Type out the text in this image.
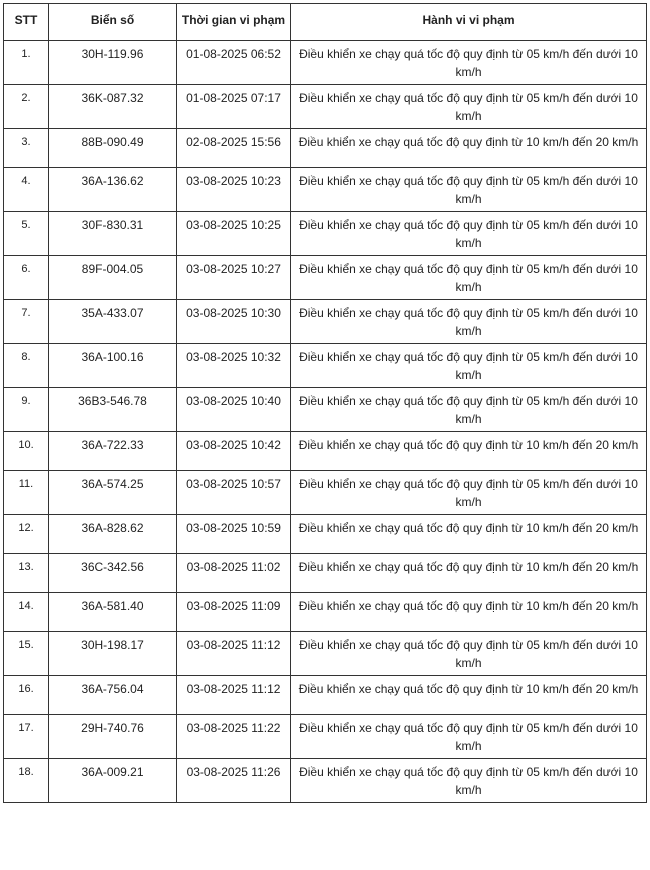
STT	Biển số	Thời gian vi phạm	Hành vi vi phạm
1.	30H-119.96	01-08-2025 06:52	Điều khiển xe chạy quá tốc độ quy định từ 05 km/h đến dưới 10 km/h
2.	36K-087.32	01-08-2025 07:17	Điều khiển xe chạy quá tốc độ quy định từ 05 km/h đến dưới 10 km/h
3.	88B-090.49	02-08-2025 15:56	Điều khiển xe chạy quá tốc độ quy định từ 10 km/h đến 20 km/h
4.	36A-136.62	03-08-2025 10:23	Điều khiển xe chạy quá tốc độ quy định từ 05 km/h đến dưới 10 km/h
5.	30F-830.31	03-08-2025 10:25	Điều khiển xe chạy quá tốc độ quy định từ 05 km/h đến dưới 10 km/h
6.	89F-004.05	03-08-2025 10:27	Điều khiển xe chạy quá tốc độ quy định từ 05 km/h đến dưới 10 km/h
7.	35A-433.07	03-08-2025 10:30	Điều khiển xe chạy quá tốc độ quy định từ 05 km/h đến dưới 10 km/h
8.	36A-100.16	03-08-2025 10:32	Điều khiển xe chạy quá tốc độ quy định từ 05 km/h đến dưới 10 km/h
9.	36B3-546.78	03-08-2025 10:40	Điều khiển xe chạy quá tốc độ quy định từ 05 km/h đến dưới 10 km/h
10.	36A-722.33	03-08-2025 10:42	Điều khiển xe chạy quá tốc độ quy định từ 10 km/h đến 20 km/h
11.	36A-574.25	03-08-2025 10:57	Điều khiển xe chạy quá tốc độ quy định từ 05 km/h đến dưới 10 km/h
12.	36A-828.62	03-08-2025 10:59	Điều khiển xe chạy quá tốc độ quy định từ 10 km/h đến 20 km/h
13.	36C-342.56	03-08-2025 11:02	Điều khiển xe chạy quá tốc độ quy định từ 10 km/h đến 20 km/h
14.	36A-581.40	03-08-2025 11:09	Điều khiển xe chạy quá tốc độ quy định từ 10 km/h đến 20 km/h
15.	30H-198.17	03-08-2025 11:12	Điều khiển xe chạy quá tốc độ quy định từ 05 km/h đến dưới 10 km/h
16.	36A-756.04	03-08-2025 11:12	Điều khiển xe chạy quá tốc độ quy định từ 10 km/h đến 20 km/h
17.	29H-740.76	03-08-2025 11:22	Điều khiển xe chạy quá tốc độ quy định từ 05 km/h đến dưới 10 km/h
18.	36A-009.21	03-08-2025 11:26	Điều khiển xe chạy quá tốc độ quy định từ 05 km/h đến dưới 10 km/h
